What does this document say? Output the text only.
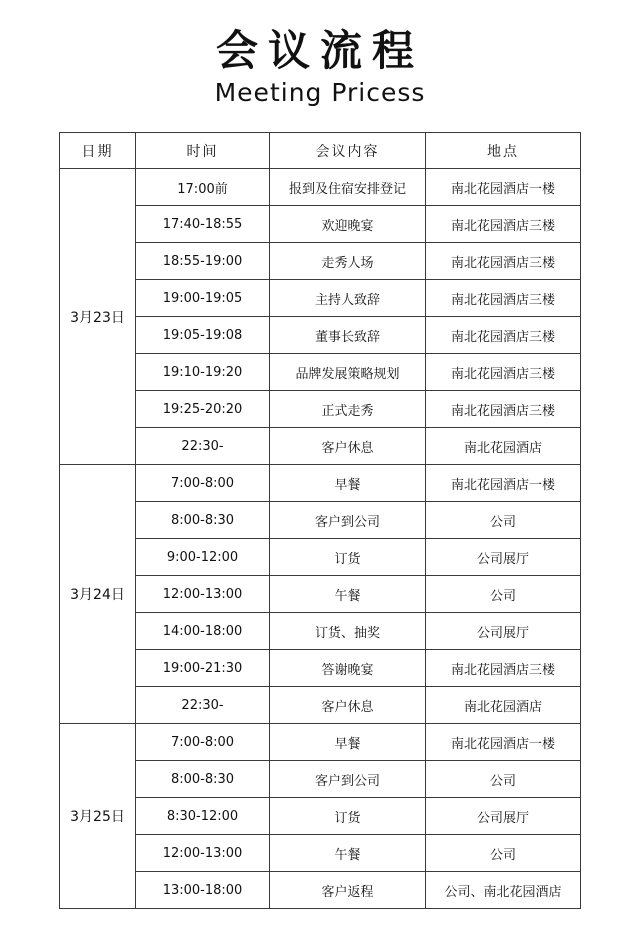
会议流程
Meeting Pricess
日期	时间	会议内容	地点
3月23日	17:00前	报到及住宿安排登记	南北花园酒店一楼
	17:40-18:55	欢迎晚宴	南北花园酒店三楼
	18:55-19:00	走秀人场	南北花园酒店三楼
	19:00-19:05	主持人致辞	南北花园酒店三楼
	19:05-19:08	董事长致辞	南北花园酒店三楼
	19:10-19:20	品牌发展策略规划	南北花园酒店三楼
	19:25-20:20	正式走秀	南北花园酒店三楼
	22:30-	客户休息	南北花园酒店
3月24日	7:00-8:00	早餐	南北花园酒店一楼
	8:00-8:30	客户到公司	公司
	9:00-12:00	订货	公司展厅
	12:00-13:00	午餐	公司
	14:00-18:00	订货、抽奖	公司展厅
	19:00-21:30	答谢晚宴	南北花园酒店三楼
	22:30-	客户休息	南北花园酒店
3月25日	7:00-8:00	早餐	南北花园酒店一楼
	8:00-8:30	客户到公司	公司
	8:30-12:00	订货	公司展厅
	12:00-13:00	午餐	公司
	13:00-18:00	客户返程	公司、南北花园酒店
